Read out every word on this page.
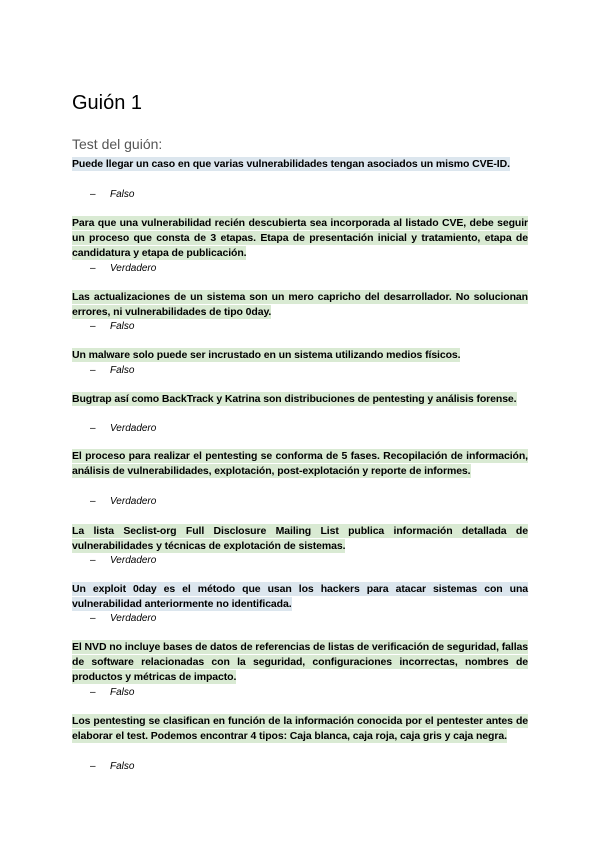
Guión 1

Test del guión:

Puede llegar un caso en que varias vulnerabilidades tengan asociados un mismo CVE-ID.

– Falso

Para que una vulnerabilidad recién descubierta sea incorporada al listado CVE, debe seguir un proceso que consta de 3 etapas. Etapa de presentación inicial y tratamiento, etapa de candidatura y etapa de publicación.

– Verdadero

Las actualizaciones de un sistema son un mero capricho del desarrollador. No solucionan errores, ni vulnerabilidades de tipo 0day.

– Falso

Un malware solo puede ser incrustado en un sistema utilizando medios físicos.

– Falso

Bugtrap así como BackTrack y Katrina son distribuciones de pentesting y análisis forense.

– Verdadero

El proceso para realizar el pentesting se conforma de 5 fases. Recopilación de información, análisis de vulnerabilidades, explotación, post-explotación y reporte de informes.

– Verdadero

La lista Seclist-org Full Disclosure Mailing List publica información detallada de vulnerabilidades y técnicas de explotación de sistemas.

– Verdadero

Un exploit 0day es el método que usan los hackers para atacar sistemas con una vulnerabilidad anteriormente no identificada.

– Verdadero

El NVD no incluye bases de datos de referencias de listas de verificación de seguridad, fallas de software relacionadas con la seguridad, configuraciones incorrectas, nombres de productos y métricas de impacto.

– Falso

Los pentesting se clasifican en función de la información conocida por el pentester antes de elaborar el test. Podemos encontrar 4 tipos: Caja blanca, caja roja, caja gris y caja negra.

– Falso
